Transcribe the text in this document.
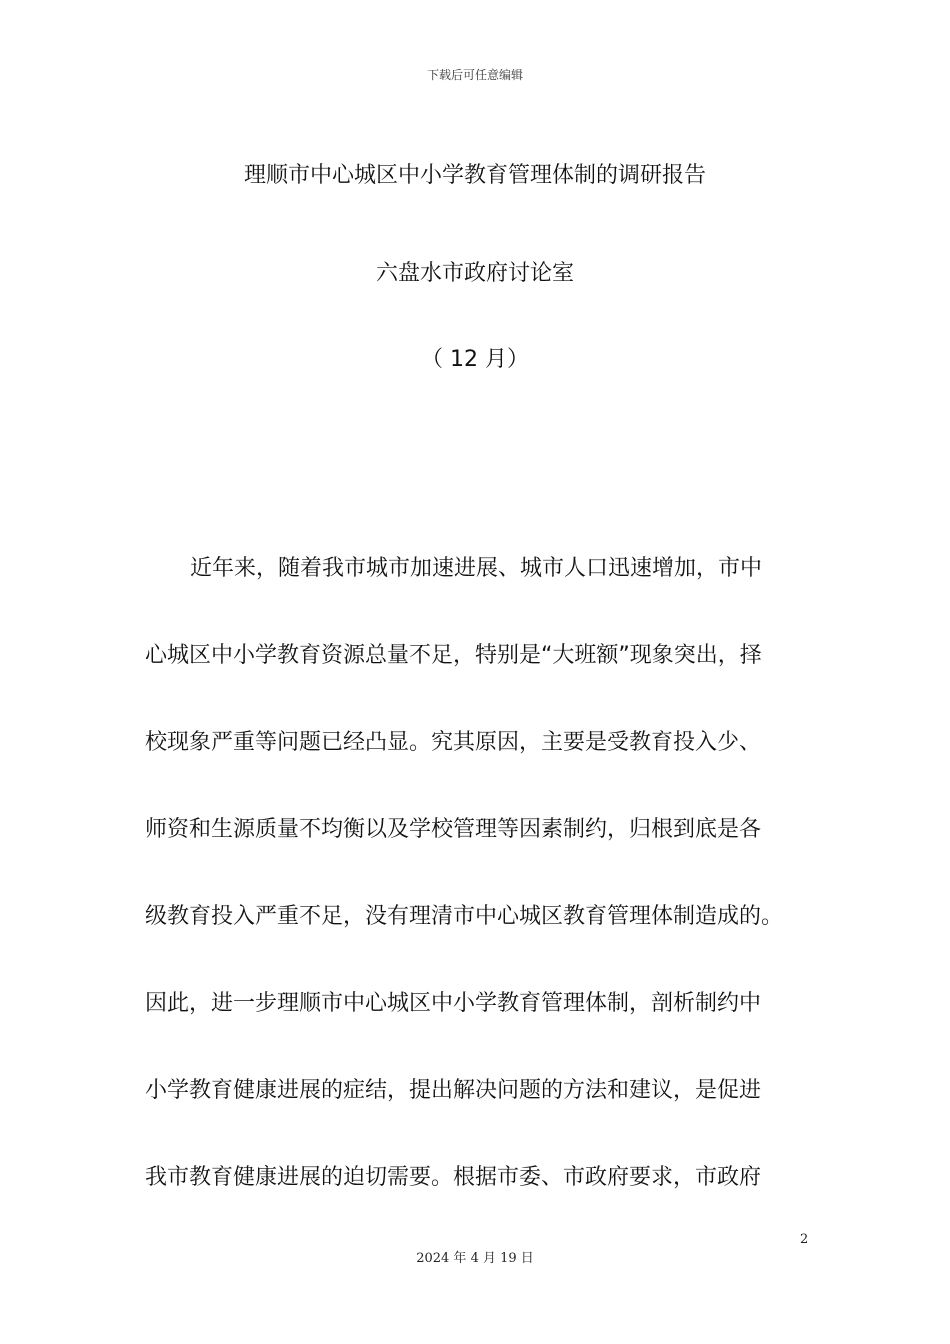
下载后可任意编辑
理顺市中心城区中小学教育管理体制的调研报告
六盘水市政府讨论室
（ 12 月）

近年来，随着我市城市加速进展、城市人口迅速增加，市中
心城区中小学教育资源总量不足，特别是“大班额”现象突出，择
校现象严重等问题已经凸显。究其原因，主要是受教育投入少、
师资和生源质量不均衡以及学校管理等因素制约，归根到底是各
级教育投入严重不足，没有理清市中心城区教育管理体制造成的。
因此，进一步理顺市中心城区中小学教育管理体制，剖析制约中
小学教育健康进展的症结，提出解决问题的方法和建议，是促进
我市教育健康进展的迫切需要。根据市委、市政府要求，市政府

2
2024 年 4 月 19 日
